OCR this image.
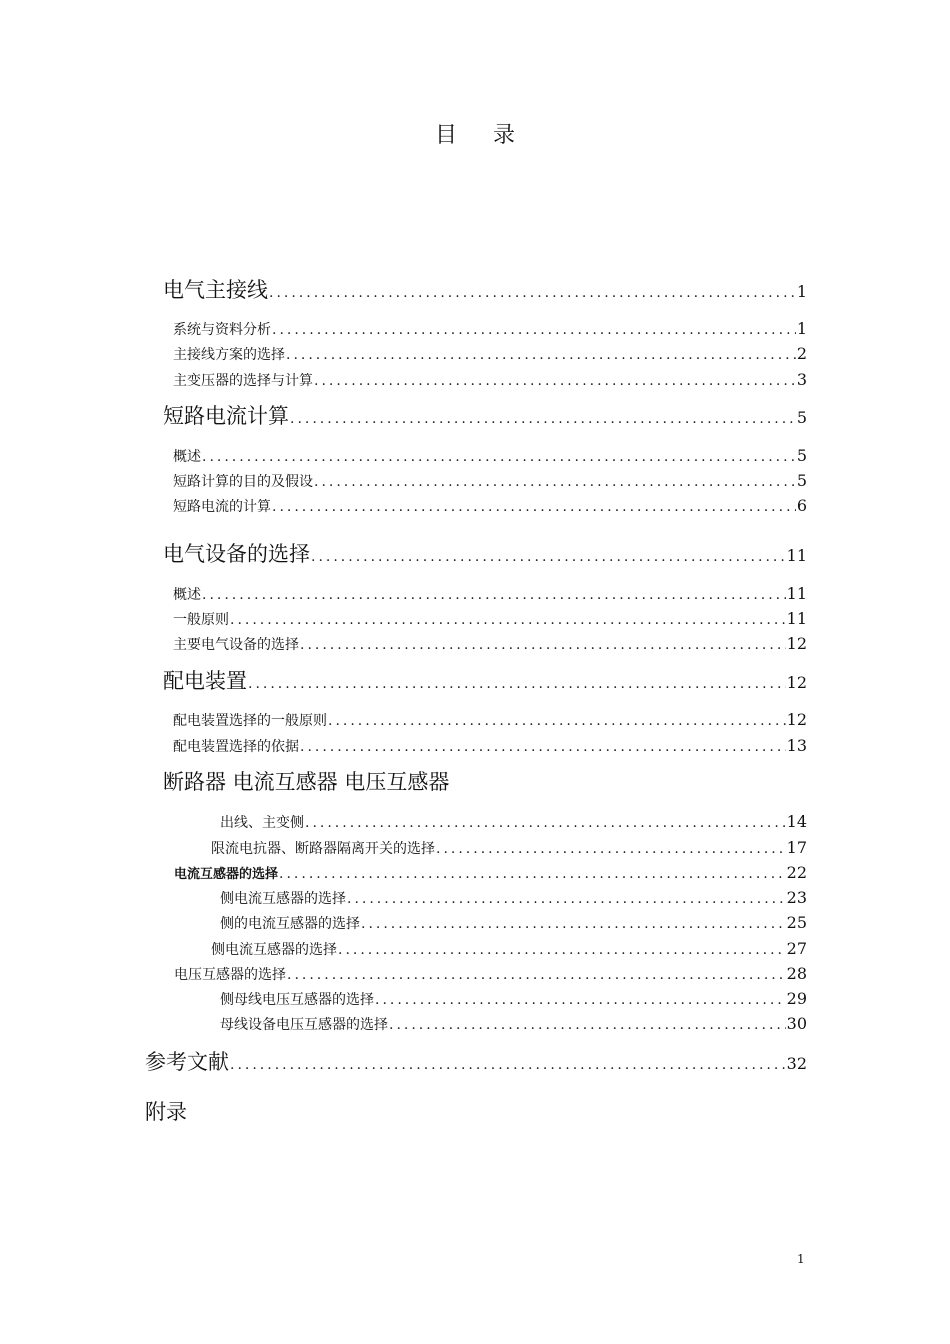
目 录
电气主接线 .....	1
系统与资料分析 .....	1
主接线方案的选择 .....	2
主变压器的选择与计算 .....	3
短路电流计算 .....	5
概述 .....	5
短路计算的目的及假设 .....	5
短路电流的计算 .....	6
电气设备的选择 .....	11
概述 .....	11
一般原则 .....	11
主要电气设备的选择 .....	12
配电装置 .....	12
配电装置选择的一般原则 .....	12
配电装置选择的依据 .....	13
断路器 电流互感器 电压互感器
出线、主变侧 .....	14
限流电抗器、断路器隔离开关的选择 .....	17
电流互感器的选择 .....	22
侧电流互感器的选择 .....	23
侧的电流互感器的选择 .....	25
侧电流互感器的选择 .....	27
电压互感器的选择 .....	28
侧母线电压互感器的选择 .....	29
母线设备电压互感器的选择 .....	30
参考文献 .....	32
附录
1
